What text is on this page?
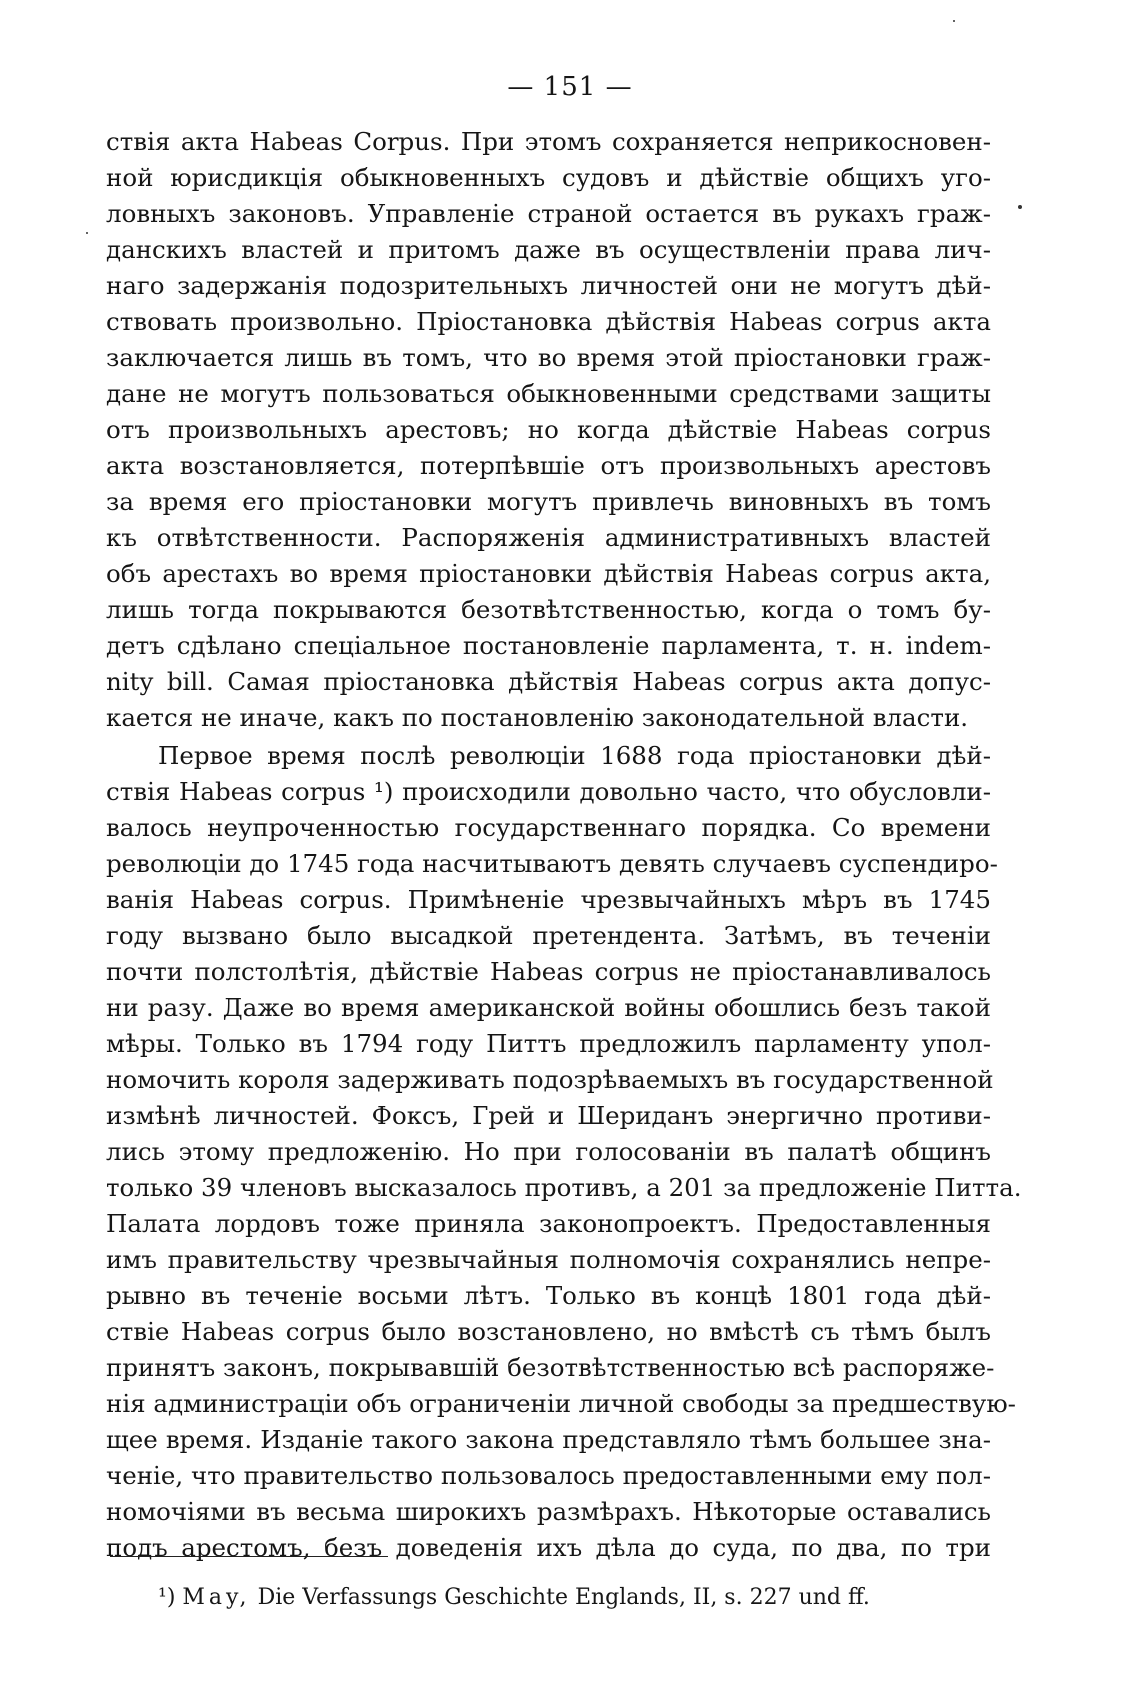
— 151 —
ствія акта Habeas Corpus. При этомъ сохраняется неприкосновен-
ной юрисдикція обыкновенныхъ судовъ и дѣйствіе общихъ уго-
ловныхъ законовъ. Управленіе страной остается въ рукахъ граж-
данскихъ властей и притомъ даже въ осуществленіи права лич-
наго задержанія подозрительныхъ личностей они не могутъ дѣй-
ствовать произвольно. Пріостановка дѣйствія Habeas corpus акта
заключается лишь въ томъ, что во время этой пріостановки граж-
дане не могутъ пользоваться обыкновенными средствами защиты
отъ произвольныхъ арестовъ; но когда дѣйствіе Habeas corpus
акта возстановляется, потерпѣвшіе отъ произвольныхъ арестовъ
за время его пріостановки могутъ привлечь виновныхъ въ томъ
къ отвѣтственности. Распоряженія административныхъ властей
объ арестахъ во время пріостановки дѣйствія Habeas corpus акта,
лишь тогда покрываются безотвѣтственностью, когда о томъ бу-
детъ сдѣлано спеціальное постановленіе парламента, т. н. indem-
nity bill. Самая пріостановка дѣйствія Habeas corpus акта допус-
кается не иначе, какъ по постановленію законодательной власти.
Первое время послѣ революціи 1688 года пріостановки дѣй-
ствія Habeas corpus ¹) происходили довольно часто, что обусловли-
валось неупроченностью государственнаго порядка. Со времени
революціи до 1745 года насчитываютъ девять случаевъ суспендиро-
ванія Habeas corpus. Примѣненіе чрезвычайныхъ мѣръ въ 1745
году вызвано было высадкой претендента. Затѣмъ, въ теченіи
почти полстолѣтія, дѣйствіе Habeas corpus не пріостанавливалось
ни разу. Даже во время американской войны обошлись безъ такой
мѣры. Только въ 1794 году Питтъ предложилъ парламенту упол-
номочить короля задерживать подозрѣваемыхъ въ государственной
измѣнѣ личностей. Фоксъ, Грей и Шериданъ энергично противи-
лись этому предложенію. Но при голосованіи въ палатѣ общинъ
только 39 членовъ высказалось противъ, а 201 за предложеніе Питта.
Палата лордовъ тоже приняла законопроектъ. Предоставленныя
имъ правительству чрезвычайныя полномочія сохранялись непре-
рывно въ теченіе восьми лѣтъ. Только въ концѣ 1801 года дѣй-
ствіе Habeas corpus было возстановлено, но вмѣстѣ съ тѣмъ былъ
принятъ законъ, покрывавшій безотвѣтственностью всѣ распоряже-
нія администраціи объ ограниченіи личной свободы за предшествую-
щее время. Изданіе такого закона представляло тѣмъ большее зна-
ченіе, что правительство пользовалось предоставленными ему пол-
номочіями въ весьма широкихъ размѣрахъ. Нѣкоторые оставались
подъ арестомъ, безъ доведенія ихъ дѣла до суда, по два, по три
¹) May, Die Verfassungs Geschichte Englands, II, s. 227 und ff.
